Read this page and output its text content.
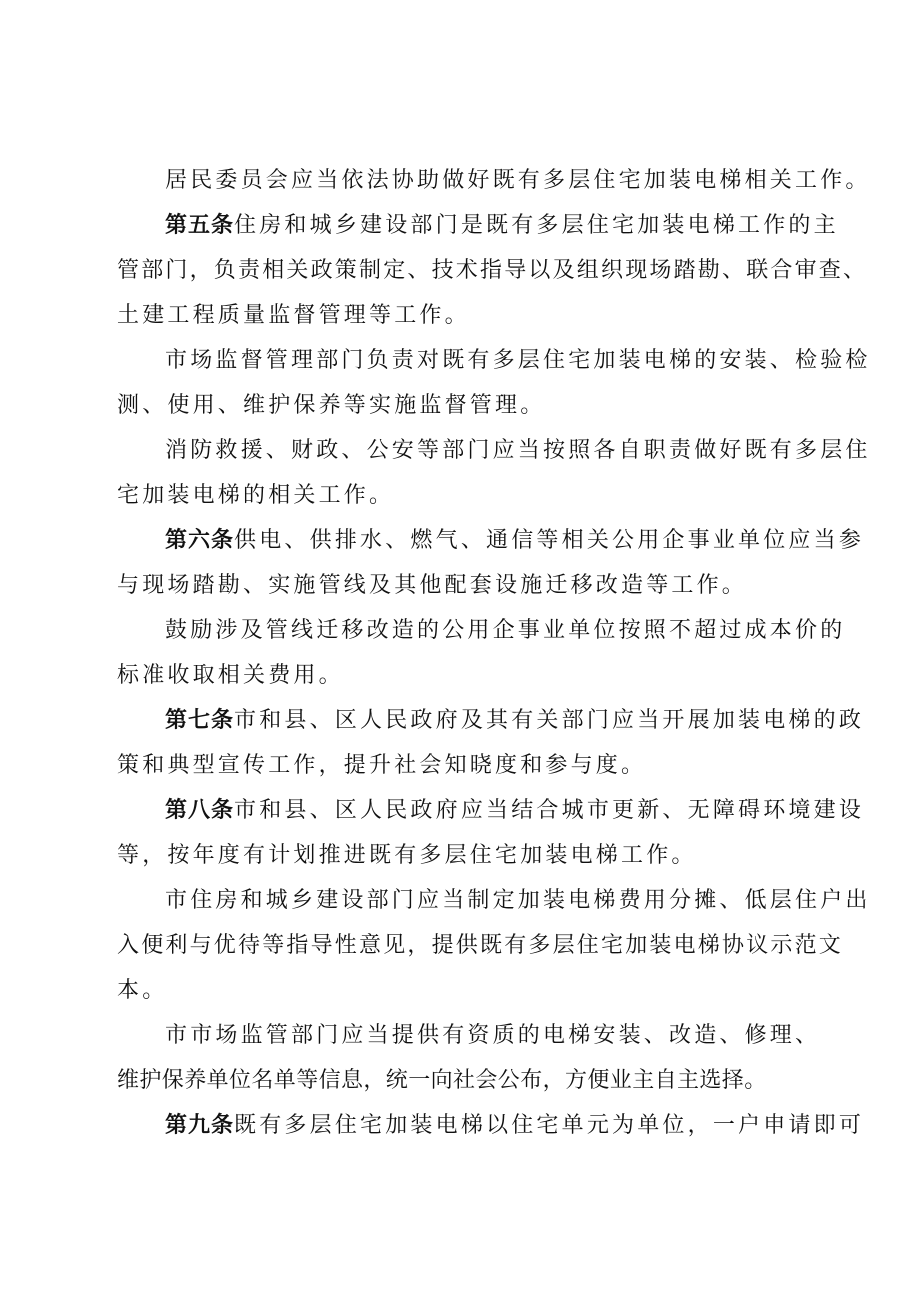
居民委员会应当依法协助做好既有多层住宅加装电梯相关工作。
第五条住房和城乡建设部门是既有多层住宅加装电梯工作的主
管部门，负责相关政策制定、技术指导以及组织现场踏勘、联合审查、
土建工程质量监督管理等工作。
市场监督管理部门负责对既有多层住宅加装电梯的安装、检验检
测、使用、维护保养等实施监督管理。
消防救援、财政、公安等部门应当按照各自职责做好既有多层住
宅加装电梯的相关工作。
第六条供电、供排水、燃气、通信等相关公用企事业单位应当参
与现场踏勘、实施管线及其他配套设施迁移改造等工作。
鼓励涉及管线迁移改造的公用企事业单位按照不超过成本价的
标准收取相关费用。
第七条市和县、区人民政府及其有关部门应当开展加装电梯的政
策和典型宣传工作，提升社会知晓度和参与度。
第八条市和县、区人民政府应当结合城市更新、无障碍环境建设
等，按年度有计划推进既有多层住宅加装电梯工作。
市住房和城乡建设部门应当制定加装电梯费用分摊、低层住户出
入便利与优待等指导性意见，提供既有多层住宅加装电梯协议示范文
本。
市市场监管部门应当提供有资质的电梯安装、改造、修理、
维护保养单位名单等信息，统一向社会公布，方便业主自主选择。
第九条既有多层住宅加装电梯以住宅单元为单位，一户申请即可
